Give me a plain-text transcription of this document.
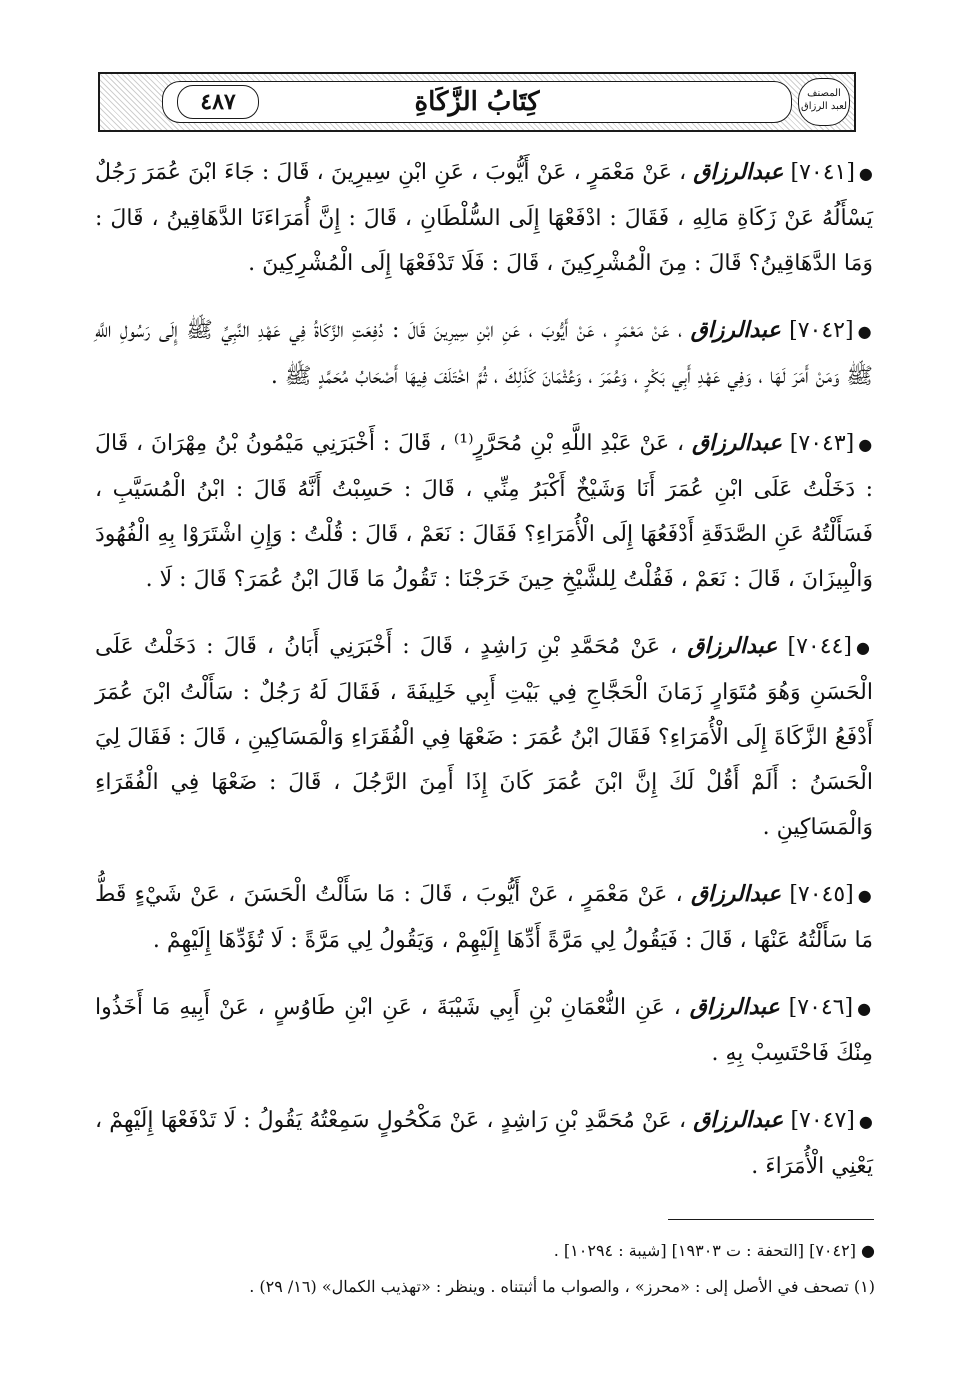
كِتَابُ الزَّكَاةِ
٤٨٧	المصنف
لعبد الرزاق

●[٧٠٤١] عبدالرزاق ، عَنْ مَعْمَرٍ ، عَنْ أَيُّوبَ ، عَنِ ابْنِ سِيرِينَ ، قَالَ : جَاءَ ابْنَ عُمَرَ رَجُلٌ يَسْأَلُهُ عَنْ زَكَاةِ مَالِهِ ، فَقَالَ : ادْفَعْهَا إِلَى السُّلْطَانِ ، قَالَ : إِنَّ أُمَرَاءَنَا الدَّهَاقِينُ ، قَالَ : وَمَا الدَّهَاقِينُ؟ قَالَ : مِنَ الْمُشْرِكِينَ ، قَالَ : فَلَا تَدْفَعْهَا إِلَى الْمُشْرِكِينَ .

●[٧٠٤٢] عبدالرزاق ، عَنْ مَعْمَرٍ ، عَنْ أَيُّوبَ ، عَنِ ابْنِ سِيرِينَ قَالَ : دُفِعَتِ الزَّكَاةُ فِي عَهْدِ النَّبِيِّ ﷺ إِلَى رَسُولِ اللَّهِ ﷺ وَمَنْ أَمَرَ لَهَا ، وَفِي عَهْدِ أَبِي بَكْرٍ ، وَعُمَرَ ، وَعُثْمَانَ كَذَلِكَ ، ثُمَّ اخْتَلَفَ فِيهَا أَصْحَابُ مُحَمَّدٍ ﷺ .

●[٧٠٤٣] عبدالرزاق ، عَنْ عَبْدِ اللَّهِ بْنِ مُحَرَّرٍ⁽¹⁾ ، قَالَ : أَخْبَرَنِي مَيْمُونُ بْنُ مِهْرَانَ ، قَالَ : دَخَلْتُ عَلَى ابْنِ عُمَرَ أَنَا وَشَيْخٌ أَكْبَرُ مِنِّي ، قَالَ : حَسِبْتُ أَنَّهُ قَالَ : ابْنُ الْمُسَيَّبِ ، فَسَأَلْتُهُ عَنِ الصَّدَقَةِ أَدْفَعُهَا إِلَى الْأُمَرَاءِ؟ فَقَالَ : نَعَمْ ، قَالَ : قُلْتُ : وَإِنِ اشْتَرَوْا بِهِ الْفُهُودَ وَالْبِيزَانَ ، قَالَ : نَعَمْ ، فَقُلْتُ لِلشَّيْخِ حِينَ خَرَجْنَا : تَقُولُ مَا قَالَ ابْنُ عُمَرَ؟ قَالَ : لَا .

●[٧٠٤٤] عبدالرزاق ، عَنْ مُحَمَّدِ بْنِ رَاشِدٍ ، قَالَ : أَخْبَرَنِي أَبَانُ ، قَالَ : دَخَلْتُ عَلَى الْحَسَنِ وَهُوَ مُتَوَارٍ زَمَانَ الْحَجَّاجِ فِي بَيْتِ أَبِي خَلِيفَةَ ، فَقَالَ لَهُ رَجُلٌ : سَأَلْتُ ابْنَ عُمَرَ أَدْفَعُ الزَّكَاةَ إِلَى الْأُمَرَاءِ؟ فَقَالَ ابْنُ عُمَرَ : ضَعْهَا فِي الْفُقَرَاءِ وَالْمَسَاكِينِ ، قَالَ : فَقَالَ لِيَ الْحَسَنُ : أَلَمْ أَقُلْ لَكَ إِنَّ ابْنَ عُمَرَ كَانَ إِذَا أَمِنَ الرَّجُلَ ، قَالَ : ضَعْهَا فِي الْفُقَرَاءِ وَالْمَسَاكِينِ .

●[٧٠٤٥] عبدالرزاق ، عَنْ مَعْمَرٍ ، عَنْ أَيُّوبَ ، قَالَ : مَا سَأَلْتُ الْحَسَنَ ، عَنْ شَيْءٍ قَطُّ مَا سَأَلْتُهُ عَنْهَا ، قَالَ : فَيَقُولُ لِي مَرَّةً أَدِّهَا إِلَيْهِمْ ، وَيَقُولُ لِي مَرَّةً : لَا تُؤَدِّهَا إِلَيْهِمْ .

●[٧٠٤٦] عبدالرزاق ، عَنِ النُّعْمَانِ بْنِ أَبِي شَيْبَةَ ، عَنِ ابْنِ طَاوُسٍ ، عَنْ أَبِيهِ مَا أَخَذُوا مِنْكَ فَاحْتَسِبْ بِهِ .

●[٧٠٤٧] عبدالرزاق ، عَنْ مُحَمَّدِ بْنِ رَاشِدٍ ، عَنْ مَكْحُولٍ سَمِعْتُهُ يَقُولُ : لَا تَدْفَعْهَا إِلَيْهِمْ ، يَعْنِي الْأُمَرَاءَ .

● [٧٠٤٢] [التحفة : ت ١٩٣٠٣] [شيبة : ١٠٢٩٤] .
(١) تصحف في الأصل إلى : «محرز» ، والصواب ما أثبتناه . وينظر : «تهذيب الكمال» (١٦/ ٢٩) .
